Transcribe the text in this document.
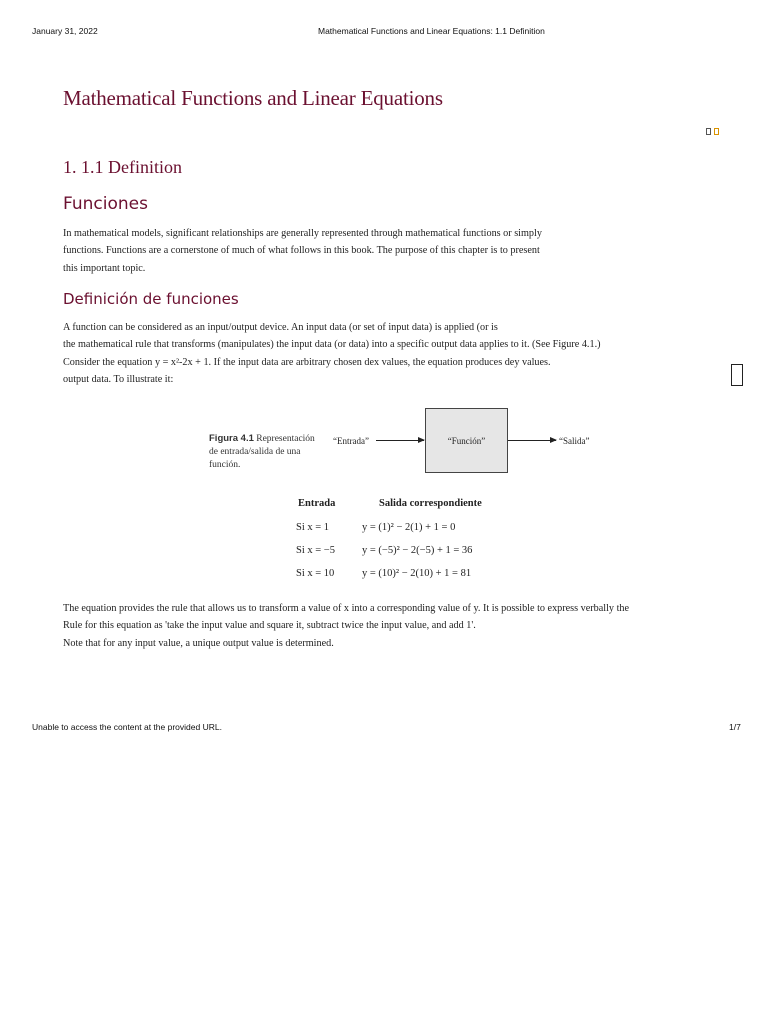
January 31, 2022	Mathematical Functions and Linear Equations: 1.1 Definition
Mathematical Functions and Linear Equations
1. 1.1 Definition
Funciones

In mathematical models, significant relationships are generally represented through mathematical functions or simply
functions. Functions are a cornerstone of much of what follows in this book. The purpose of this chapter is to present
this important topic.

Definición de funciones

A function can be considered as an input/output device. An input data (or set of input data) is applied (or is
the mathematical rule that transforms (manipulates) the input data (or data) into a specific output data applies to it. (See Figure 4.1.)
Consider the equation y = x²-2x + 1. If the input data are arbitrary chosen dex values, the equation produces dey values.
output data. To illustrate it:

Figura 4.1 Representación
de entrada/salida de una
función.
“Entrada”	“Función”	“Salida”
Entrada	Salida correspondiente
Si x = 1	y = (1)² − 2(1) + 1 = 0
Si x = −5	y = (−5)² − 2(−5) + 1 = 36
Si x = 10	y = (10)² − 2(10) + 1 = 81

The equation provides the rule that allows us to transform a value of x into a corresponding value of y. It is possible to express verbally the
Rule for this equation as 'take the input value and square it, subtract twice the input value, and add 1'.
Note that for any input value, a unique output value is determined.

Unable to access the content at the provided URL.	1/7
